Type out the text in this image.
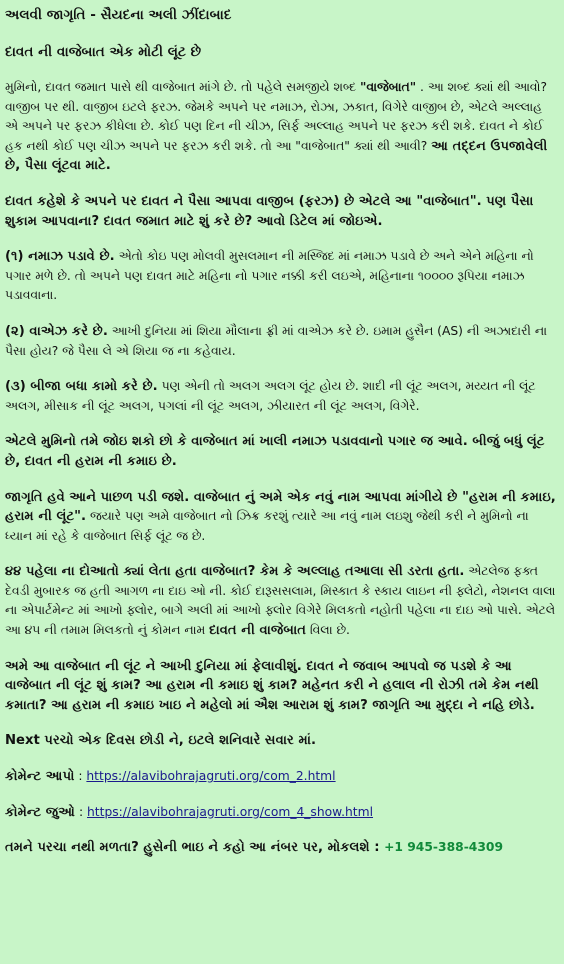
અલવી જાગૃતિ - સૈયદના અલી ઝીંદાબાદ
દાવત ની વાજેબાત એક મોટી લૂંટ છે

મુમિનો, દાવત જમાત પાસે થી વાજેબાત માંગે છે. તો પહેલે સમજીયે શબ્દ "વાજેબાત" . આ શબ્દ ક્યાં થી આવો? વાજીબ પર થી. વાજીબ ઇટલે ફરઝ. જેમકે અપને પર નમાઝ, રોઝા, ઝકાત, વિગેરે વાજીબ છે, એટલે અલ્લાહ એ અપને પર ફરઝ કીધેલા છે. કોઈ પણ દિન ની ચીઝ, સિર્ફ અલ્લાહ અપને પર ફરઝ કરી શકે. દાવત ને કોઈ હક નથી કોઈ પણ ચીઝ અપને પર ફરઝ કરી શકે. તો આ "વાજેબાત" ક્યાં થી આવી? આ તદ્દન ઉપજાવેલી છે, પૈસા લૂંટવા માટે.

દાવત કહેશે કે અપને પર દાવત ને પૈસા આપવા વાજીબ (ફરઝ) છે એટલે આ "વાજેબાત". પણ પૈસા શુકામ આપવાના? દાવત જમાત માટે શું કરે છે? આવો ડિટેલ માં જોઇએ.

(૧) નમાઝ પડાવે છે. એતો કોઇ પણ મોલવી મુસલમાન ની મસ્જિદ માં નમાઝ પડાવે છે અને એને મહિના નો પગાર મળે છે. તો અપને પણ દાવત માટે મહિના નો પગાર નક્કી કરી લઇએ, મહિનાના ૧૦૦૦૦ રૂપિયા નમાઝ પડાવવાના.

(૨) વાએઝ કરે છે. આખી દુનિયા માં શિયા મૌલાના ફ્રી માં વાએઝ કરે છે. ઇમામ હુસૈન (AS) ની અઝાદારી ના પૈસા હોય? જે પૈસા લે એ શિયા જ ના કહેવાય.

(૩) બીજા બધા કામો કરે છે. પણ એની તો અલગ અલગ લૂંટ હોય છે. શાદી ની લૂંટ અલગ, મય્યત ની લૂંટ અલગ, મીસાક ની લૂંટ અલગ, પગલાં ની લૂંટ અલગ, ઝીયારત ની લૂંટ અલગ, વિગેરે.

એટલે મુમિનો તમે જોઇ શકો છો કે વાજેબાત માં ખાલી નમાઝ પડાવવાનો પગાર જ આવે. બીજું બધું લૂંટ છે, દાવત ની હરામ ની કમાઇ છે.

જાગૃતિ હવે આને પાછળ પડી જશે. વાજેબાત નું અમે એક નવું નામ આપવા માંગીયે છે "હરામ ની કમાઇ, હરામ ની લૂંટ". જયારે પણ અમે વાજેબાત નો ઝિક્ર કરશું ત્યારે આ નવું નામ લઇશુ જેથી કરી ને મુમિનો ના ધ્યાન માં રહે કે વાજેબાત સિર્ફ લૂંટ જ છે.

૪૪ પહેલા ના દોઆતો ક્યાં લેતા હતા વાજેબાત? કેમ કે અલ્લાહ તઆલા સી ડરતા હતા. એટલેજ ફક્ત દેવડી મુબારક જ હતી આગળ ના દાઇ ઓ ની. કોઈ દારૂસસલામ, મિસ્કાત કે સ્કાય લાઇન ની ફ્લેટો, નેશનલ વાલા ના એપાર્ટમેન્ટ માં આખો ફ્લોર, બાગે અલી માં આખો ફ્લોર વિગેરે મિલકતો નહોતી પહેલા ના દાઇ ઓ પાસે. એટલે આ ૪૫ ની તમામ મિલકતો નું કોમન નામ દાવત ની વાજેબાત વિલા છે.

અમે આ વાજેબાત ની લૂંટ ને આખી દુનિયા માં ફેલાવીશું. દાવત ને જવાબ આપવો જ પડશે કે આ વાજેબાત ની લૂંટ શું કામ? આ હરામ ની કમાઇ શું કામ? મહેનત કરી ને હલાલ ની રોઝી તમે કેમ નથી કમાતા? આ હરામ ની કમાઇ ખાઇ ને મહેલો માં ઐશ આરામ શું કામ? જાગૃતિ આ મુદ્દા ને નહિ છોડે.

Next પરચો એક દિવસ છોડી ને, ઇટલે શનિવારે સવાર માં.

કોમેન્ટ આપો : https://alavibohrajagruti.org/com_2.html

કોમેન્ટ જુઓ : https://alavibohrajagruti.org/com_4_show.html

તમને પરચા નથી મળતા? હુસેની ભાઇ ને કહો આ નંબર પર, મોકલશે : +1 945-388-4309
